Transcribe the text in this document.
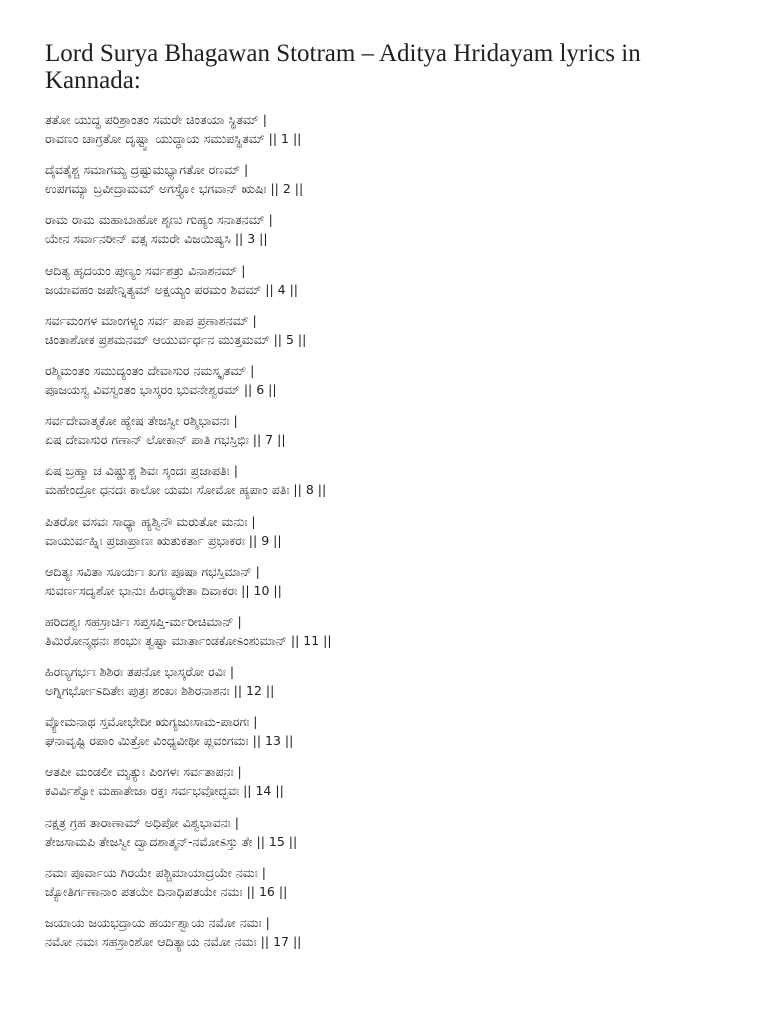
Lord Surya Bhagawan Stotram – Aditya Hridayam lyrics in Kannada:
ತತೋ ಯುದ್ಧ ಪರಿಶ್ರಾಂತಂ ಸಮರೇ ಚಿಂತಯಾ ಸ್ಥಿತಮ್ |
ರಾವಣಂ ಚಾಗ್ರತೋ ದೃಷ್ಟ್ವಾ ಯುದ್ಧಾಯ ಸಮುಪಸ್ಥಿತಮ್ || 1 ||
ದೈವತೈಶ್ಚ ಸಮಾಗಮ್ಯ ದ್ರಷ್ಟುಮಭ್ಯಾಗತೋ ರಣಮ್ |
ಉಪಗಮ್ಯಾ ಬ್ರವೀದ್ರಾಮಮ್ ಅಗಸ್ತ್ಯೋ ಭಗವಾನ್ ಋಷಿಃ || 2 ||
ರಾಮ ರಾಮ ಮಹಾಬಾಹೋ ಶೃಣು ಗುಹ್ಯಂ ಸನಾತನಮ್ |
ಯೇನ ಸರ್ವಾನರೀನ್ ವತ್ಸ ಸಮರೇ ವಿಜಯಿಷ್ಯಸಿ || 3 ||
ಆದಿತ್ಯ ಹೃದಯಂ ಪುಣ್ಯಂ ಸರ್ವಶತ್ರು ವಿನಾಶನಮ್ |
ಜಯಾವಹಂ ಜಪೇನ್ನಿತ್ಯಮ್ ಅಕ್ಷಯ್ಯಂ ಪರಮಂ ಶಿವಮ್ || 4 ||
ಸರ್ವಮಂಗಳ ಮಾಂಗಳ್ಯಂ ಸರ್ವ ಪಾಪ ಪ್ರಣಾಶನಮ್ |
ಚಿಂತಾಶೋಕ ಪ್ರಶಮನಮ್ ಆಯುರ್ವರ್ಧನ ಮುತ್ತಮಮ್ || 5 ||
ರಶ್ಮಿಮಂತಂ ಸಮುದ್ಯಂತಂ ದೇವಾಸುರ ನಮಸ್ಕೃತಮ್ |
ಪೂಜಯಸ್ವ ವಿವಸ್ವಂತಂ ಭಾಸ್ಕರಂ ಭುವನೇಶ್ವರಮ್ || 6 ||
ಸರ್ವದೇವಾತ್ಮಕೋ ಹ್ಯೇಷ ತೇಜಸ್ವೀ ರಶ್ಮಿಭಾವನಃ |
ಏಷ ದೇವಾಸುರ ಗಣಾನ್ ಲೋಕಾನ್ ಪಾತಿ ಗಭಸ್ತಿಭಿಃ || 7 ||
ಏಷ ಬ್ರಹ್ಮಾ ಚ ವಿಷ್ಣುಶ್ಚ ಶಿವಃ ಸ್ಕಂದಃ ಪ್ರಜಾಪತಿಃ |
ಮಹೇಂದ್ರೋ ಧನದಃ ಕಾಲೋ ಯಮಃ ಸೋಮೋ ಹ್ಯಪಾಂ ಪತಿಃ || 8 ||
ಪಿತರೋ ವಸವಃ ಸಾಧ್ಯಾ ಹ್ಯಶ್ವಿನೌ ಮರುತೋ ಮನುಃ |
ವಾಯುರ್ವಹ್ನಿಃ ಪ್ರಜಾಪ್ರಾಣಃ ಋತುಕರ್ತಾ ಪ್ರಭಾಕರಃ || 9 ||
ಆದಿತ್ಯಃ ಸವಿತಾ ಸೂರ್ಯಃ ಖಗಃ ಪೂಷಾ ಗಭಸ್ತಿಮಾನ್ |
ಸುವರ್ಣಸದೃಶೋ ಭಾನುಃ ಹಿರಣ್ಯರೇತಾ ದಿವಾಕರಃ || 10 ||
ಹರಿದಶ್ವಃ ಸಹಸ್ರಾರ್ಚಿಃ ಸಪ್ತಸಪ್ತಿ-ರ್ಮರೀಚಿಮಾನ್ |
ತಿಮಿರೋನ್ಮಥನಃ ಶಂಭುಃ ತ್ವಷ್ಟಾ ಮಾರ್ತಾಂಡಕೋಽಂಶುಮಾನ್ || 11 ||
ಹಿರಣ್ಯಗರ್ಭಃ ಶಿಶಿರಃ ತಪನೋ ಭಾಸ್ಕರೋ ರವಿಃ |
ಅಗ್ನಿಗರ್ಭೋಽದಿತೇಃ ಪುತ್ರಃ ಶಂಖಃ ಶಿಶಿರನಾಶನಃ || 12 ||
ವ್ಯೋಮನಾಥ ಸ್ತಮೋಭೇದೀ ಋಗ್ಯಜುಃಸಾಮ-ಪಾರಗಃ |
ಘನಾವೃಷ್ಟಿ ರಪಾಂ ಮಿತ್ರೋ ವಿಂಧ್ಯವೀಥೀ ಪ್ಲವಂಗಮಃ || 13 ||
ಆತಪೀ ಮಂಡಲೀ ಮೃತ್ಯುಃ ಪಿಂಗಳಃ ಸರ್ವತಾಪನಃ |
ಕವಿರ್ವಿಶ್ವೋ ಮಹಾತೇಜಾ ರಕ್ತಃ ಸರ್ವಭವೋದ್ಭವಃ || 14 ||
ನಕ್ಷತ್ರ ಗ್ರಹ ತಾರಾಣಾಮ್ ಅಧಿಪೋ ವಿಶ್ವಭಾವನಃ |
ತೇಜಸಾಮಪಿ ತೇಜಸ್ವೀ ದ್ವಾದಶಾತ್ಮನ್-ನಮೋಽಸ್ತು ತೇ || 15 ||
ನಮಃ ಪೂರ್ವಾಯ ಗಿರಯೇ ಪಶ್ಚಿಮಾಯಾದ್ರಯೇ ನಮಃ |
ಜ್ಯೋತಿರ್ಗಣಾನಾಂ ಪತಯೇ ದಿನಾಧಿಪತಯೇ ನಮಃ || 16 ||
ಜಯಾಯ ಜಯಭದ್ರಾಯ ಹರ್ಯಶ್ವಾಯ ನಮೋ ನಮಃ |
ನಮೋ ನಮಃ ಸಹಸ್ರಾಂಶೋ ಆದಿತ್ಯಾಯ ನಮೋ ನಮಃ || 17 ||
